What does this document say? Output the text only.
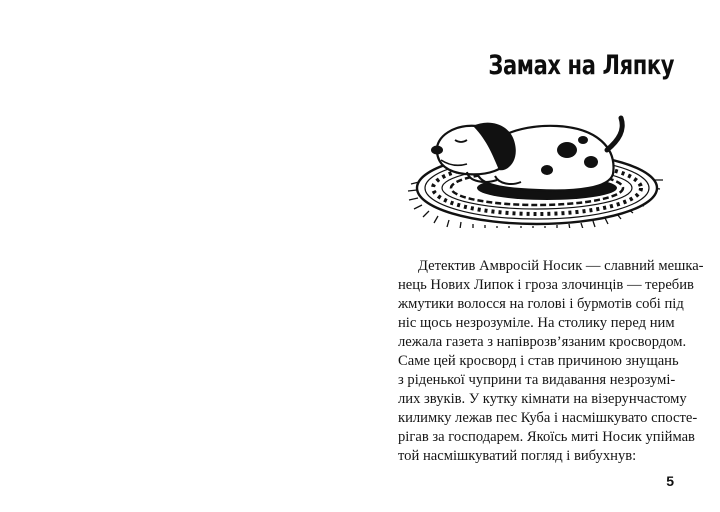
Замах на Ляпку
Детектив Амвросій Носик — славний мешка-
нець Нових Липок і гроза злочинців — теребив
жмутики волосся на голові і бурмотів собі під
ніс щось незрозуміле. На столику перед ним
лежала газета з напіврозв’язаним кросвордом.
Саме цей кросворд і став причиною знущань
з ріденької чуприни та видавання незрозумі-
лих звуків. У кутку кімнати на візерунчастому
килимку лежав пес Куба і насмішкувато спосте-
рігав за господарем. Якоїсь миті Носик упіймав
той насмішкуватий погляд і вибухнув:
5
